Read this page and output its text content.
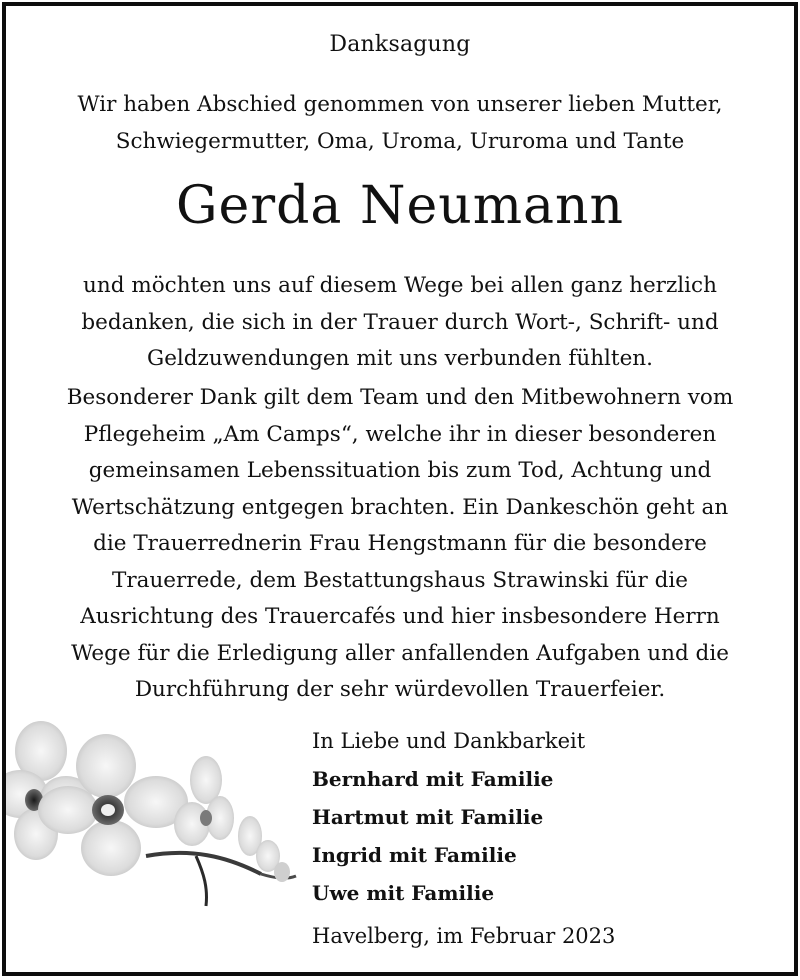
Danksagung
Wir haben Abschied genommen von unserer lieben Mutter,
Schwiegermutter, Oma, Uroma, Ururoma und Tante
Gerda Neumann
und möchten uns auf diesem Wege bei allen ganz herzlich
bedanken, die sich in der Trauer durch Wort-, Schrift- und
Geldzuwendungen mit uns verbunden fühlten.
Besonderer Dank gilt dem Team und den Mitbewohnern vom
Pflegeheim „Am Camps“, welche ihr in dieser besonderen
gemeinsamen Lebenssituation bis zum Tod, Achtung und
Wertschätzung entgegen brachten. Ein Dankeschön geht an
die Trauerrednerin Frau Hengstmann für die besondere
Trauerrede, dem Bestattungshaus Strawinski für die
Ausrichtung des Trauercafés und hier insbesondere Herrn
Wege für die Erledigung aller anfallenden Aufgaben und die
Durchführung der sehr würdevollen Trauerfeier.
In Liebe und Dankbarkeit
Bernhard mit Familie
Hartmut mit Familie
Ingrid mit Familie
Uwe mit Familie
Havelberg, im Februar 2023
